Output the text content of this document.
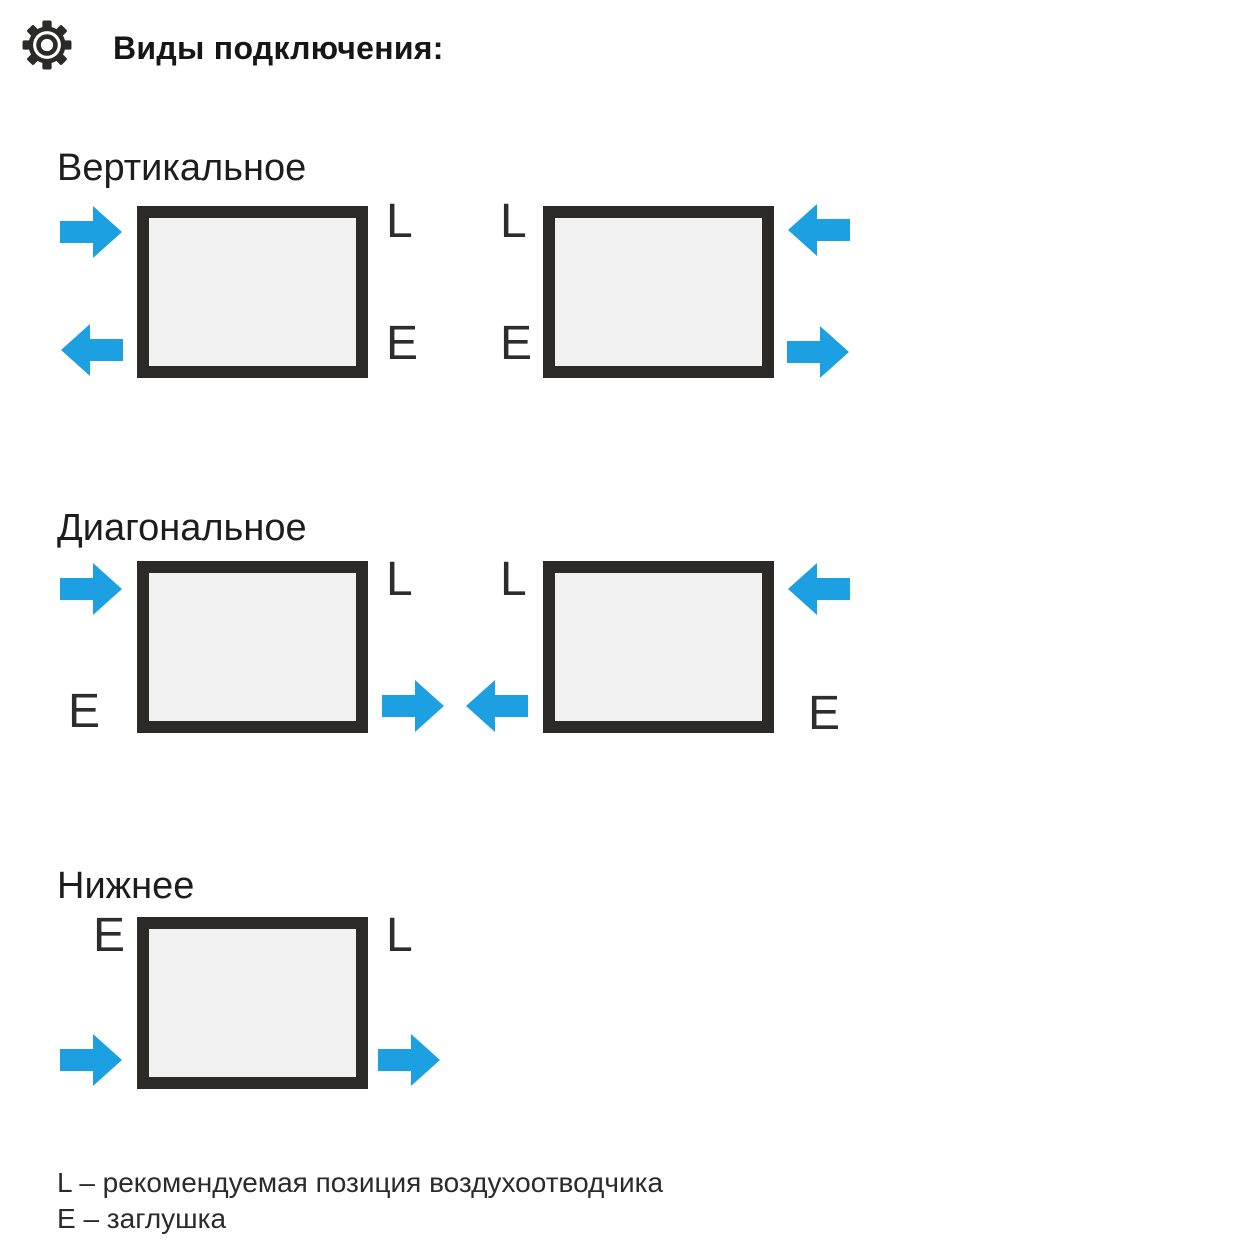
Виды подключения:
Вертикальное
L
E
L
E
Диагональное
E
L L
E
Нижнее
E	L
L – рекомендуемая позиция воздухоотводчика
E – заглушка
